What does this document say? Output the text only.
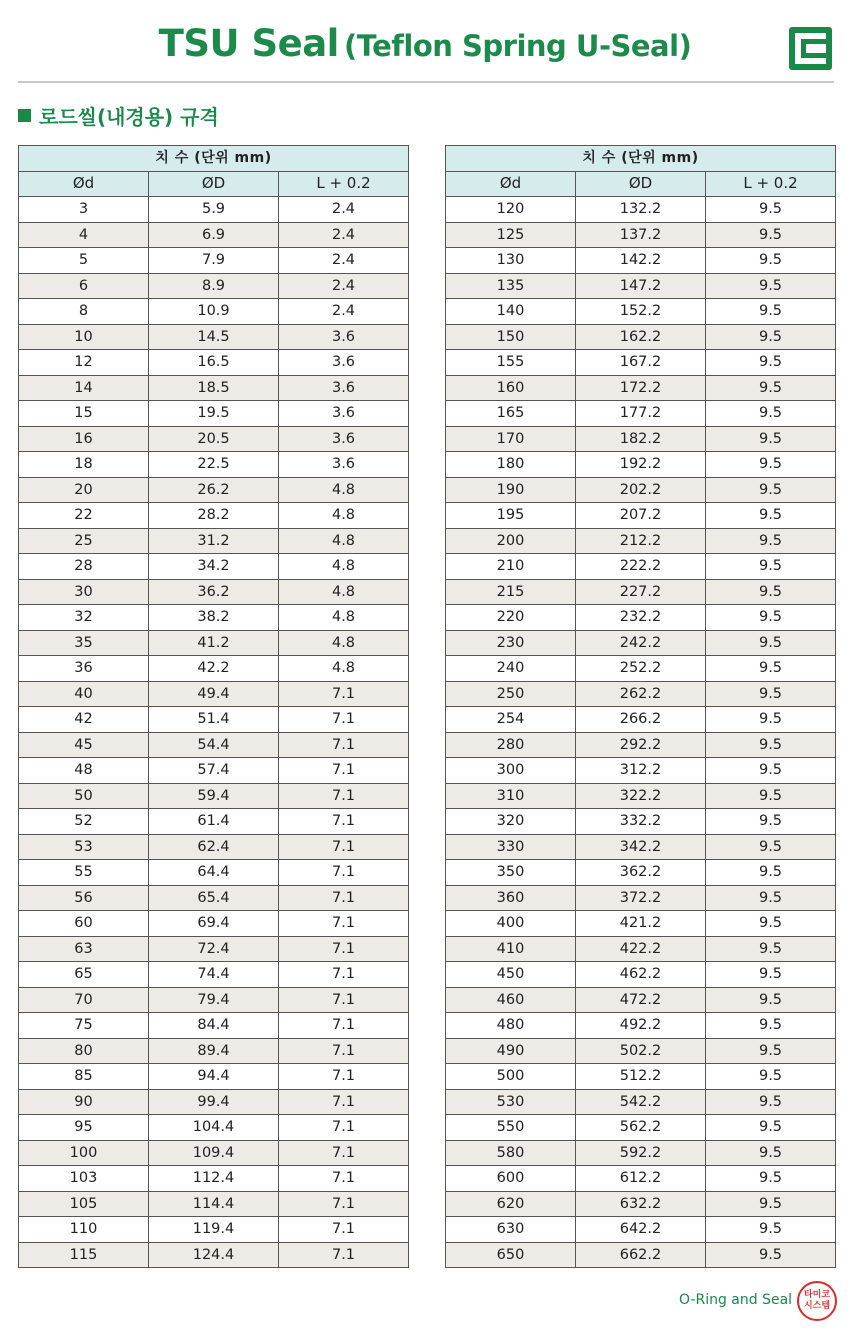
TSU Seal (Teflon Spring U-Seal)
로드씰(내경용) 규격
치 수 (단위 mm)		
Ød	ØD	L + 0.2
3	5.9	2.4
4	6.9	2.4
5	7.9	2.4
6	8.9	2.4
8	10.9	2.4
10	14.5	3.6
12	16.5	3.6
14	18.5	3.6
15	19.5	3.6
16	20.5	3.6
18	22.5	3.6
20	26.2	4.8
22	28.2	4.8
25	31.2	4.8
28	34.2	4.8
30	36.2	4.8
32	38.2	4.8
35	41.2	4.8
36	42.2	4.8
40	49.4	7.1
42	51.4	7.1
45	54.4	7.1
48	57.4	7.1
50	59.4	7.1
52	61.4	7.1
53	62.4	7.1
55	64.4	7.1
56	65.4	7.1
60	69.4	7.1
63	72.4	7.1
65	74.4	7.1
70	79.4	7.1
75	84.4	7.1
80	89.4	7.1
85	94.4	7.1
90	99.4	7.1
95	104.4	7.1
100	109.4	7.1
103	112.4	7.1
105	114.4	7.1
110	119.4	7.1
115	124.4	7.1
치 수 (단위 mm)		
Ød	ØD	L + 0.2
120	132.2	9.5
125	137.2	9.5
130	142.2	9.5
135	147.2	9.5
140	152.2	9.5
150	162.2	9.5
155	167.2	9.5
160	172.2	9.5
165	177.2	9.5
170	182.2	9.5
180	192.2	9.5
190	202.2	9.5
195	207.2	9.5
200	212.2	9.5
210	222.2	9.5
215	227.2	9.5
220	232.2	9.5
230	242.2	9.5
240	252.2	9.5
250	262.2	9.5
254	266.2	9.5
280	292.2	9.5
300	312.2	9.5
310	322.2	9.5
320	332.2	9.5
330	342.2	9.5
350	362.2	9.5
360	372.2	9.5
400	421.2	9.5
410	422.2	9.5
450	462.2	9.5
460	472.2	9.5
480	492.2	9.5
490	502.2	9.5
500	512.2	9.5
530	542.2	9.5
550	562.2	9.5
580	592.2	9.5
600	612.2	9.5
620	632.2	9.5
630	642.2	9.5
650	662.2	9.5
O-Ring and Seal 타미코
시스템
